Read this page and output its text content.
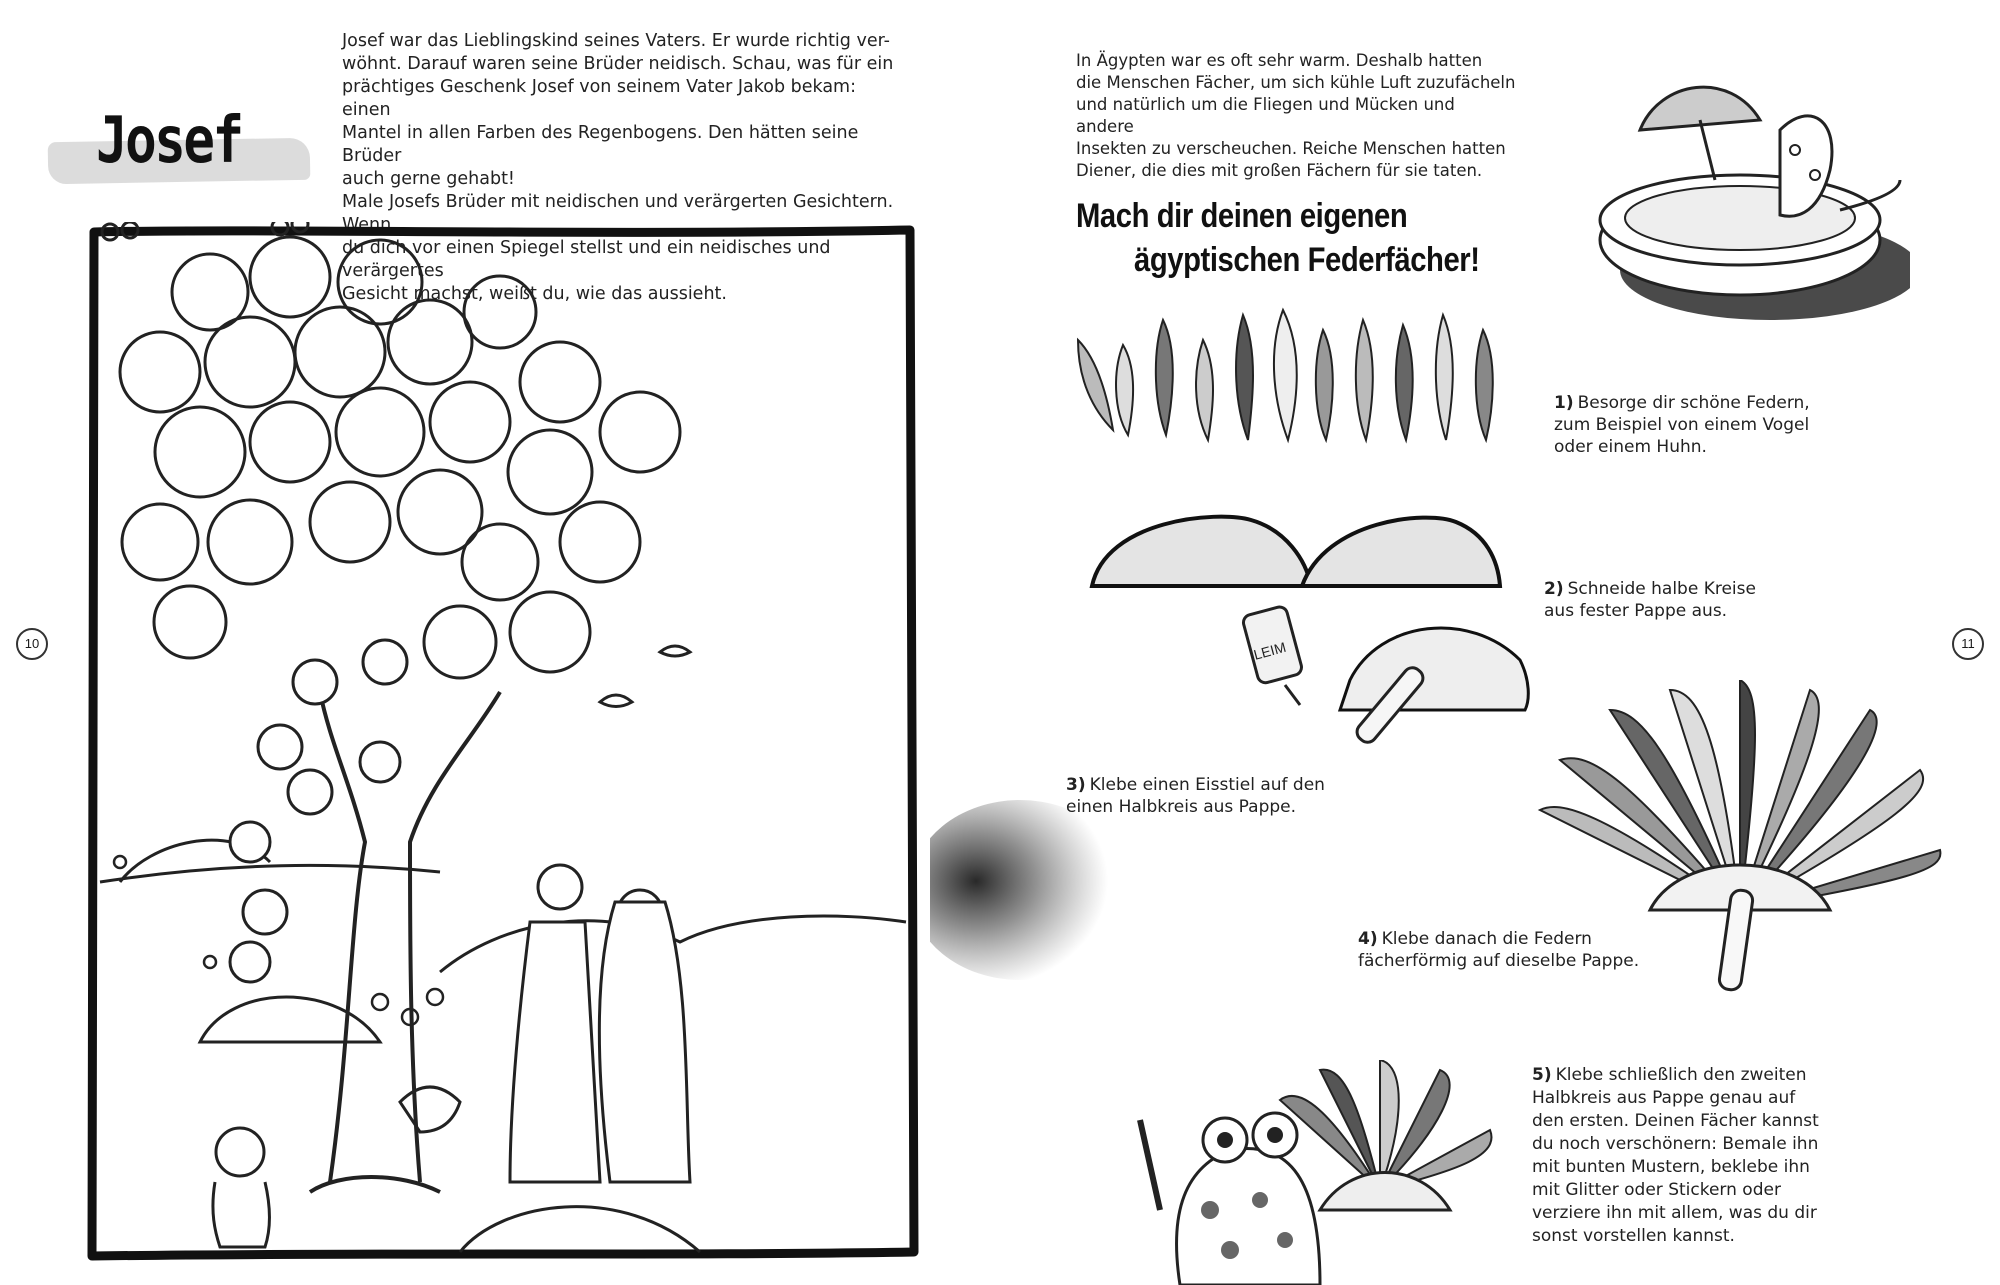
Josef

Josef war das Lieblingskind seines Vaters. Er wurde richtig ver-

wöhnt. Darauf waren seine Brüder neidisch. Schau, was für ein

prächtiges Geschenk Josef von seinem Vater Jakob bekam: einen

Mantel in allen Farben des Regenbogens. Den hätten seine Brüder

auch gerne gehabt!

Male Josefs Brüder mit neidischen und verärgerten Gesichtern. Wenn

du dich vor einen Spiegel stellst und ein neidisches und verärgertes

Gesicht machst, weißt du, wie das aussieht.

10

In Ägypten war es oft sehr warm. Deshalb hatten

die Menschen Fächer, um sich kühle Luft zuzufächeln

und natürlich um die Fliegen und Mücken und andere

Insekten zu verscheuchen. Reiche Menschen hatten

Diener, die dies mit großen Fächern für sie taten.

Mach dir deinen eigenen
ägyptischen Federfächer!

1) Besorge dir schöne Federn,

zum Beispiel von einem Vogel

oder einem Huhn.

2) Schneide halbe Kreise

aus fester Pappe aus.

LEIM

3) Klebe einen Eisstiel auf den

einen Halbkreis aus Pappe.

4) Klebe danach die Federn

fächerförmig auf dieselbe Pappe.

5) Klebe schließlich den zweiten

Halbkreis aus Pappe genau auf

den ersten. Deinen Fächer kannst

du noch verschönern: Bemale ihn

mit bunten Mustern, beklebe ihn

mit Glitter oder Stickern oder

verziere ihn mit allem, was du dir

sonst vorstellen kannst.

11
